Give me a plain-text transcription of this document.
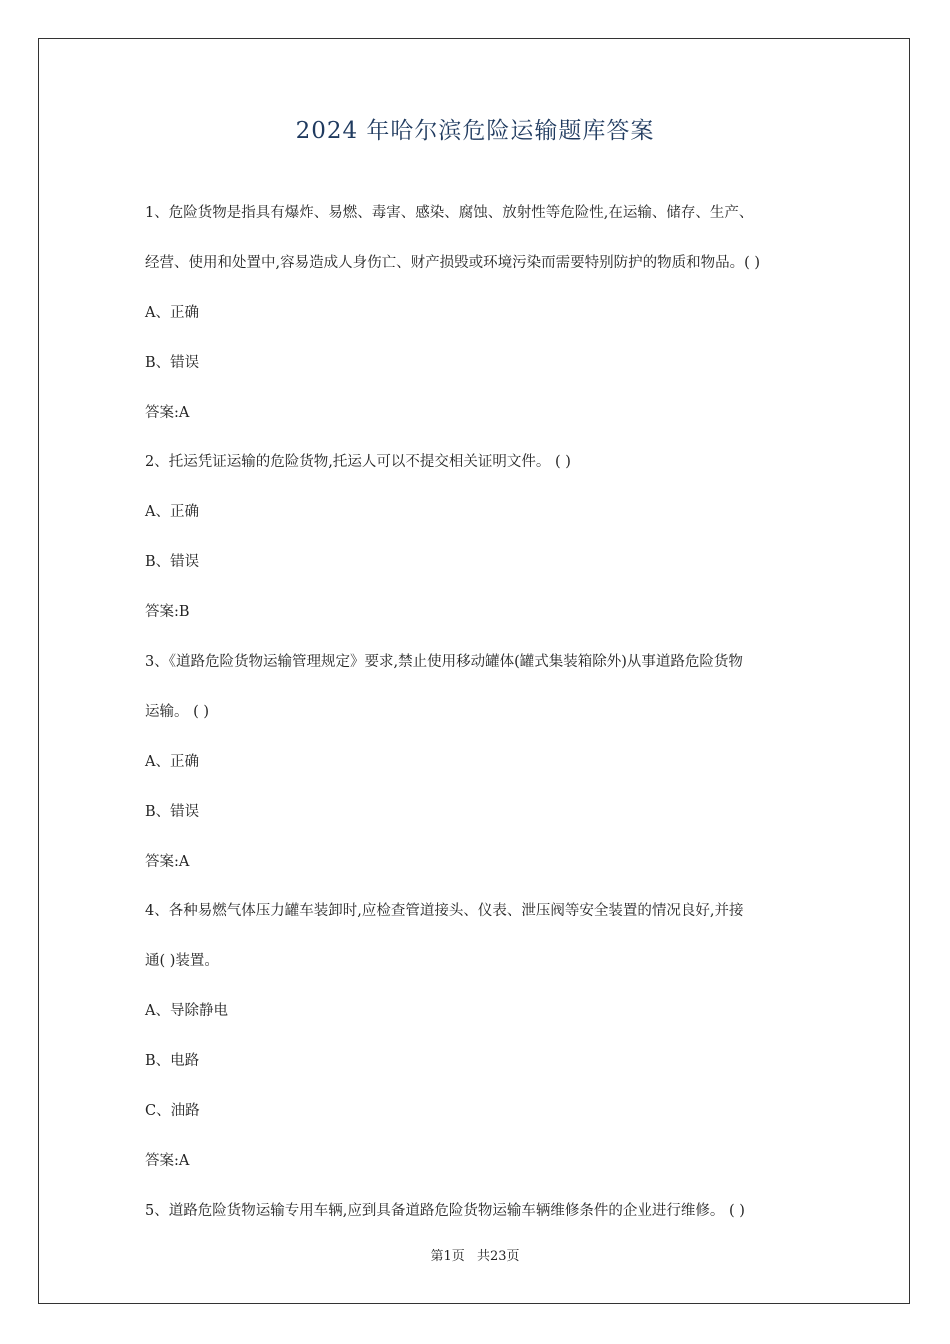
2024 年哈尔滨危险运输题库答案
1、危险货物是指具有爆炸、易燃、毒害、感染、腐蚀、放射性等危险性,在运输、储存、生产、
经营、使用和处置中,容易造成人身伤亡、财产损毁或环境污染而需要特别防护的物质和物品。( )
A、正确
B、错误
答案:A
2、托运凭证运输的危险货物,托运人可以不提交相关证明文件。 ( )
A、正确
B、错误
答案:B
3、《道路危险货物运输管理规定》要求,禁止使用移动罐体(罐式集装箱除外)从事道路危险货物
运输。 ( )
A、正确
B、错误
答案:A
4、各种易燃气体压力罐车装卸时,应检查管道接头、仪表、泄压阀等安全装置的情况良好,并接
通( )装置。
A、导除静电
B、电路
C、油路
答案:A
5、道路危险货物运输专用车辆,应到具备道路危险货物运输车辆维修条件的企业进行维修。 ( )
第1页 共23页
